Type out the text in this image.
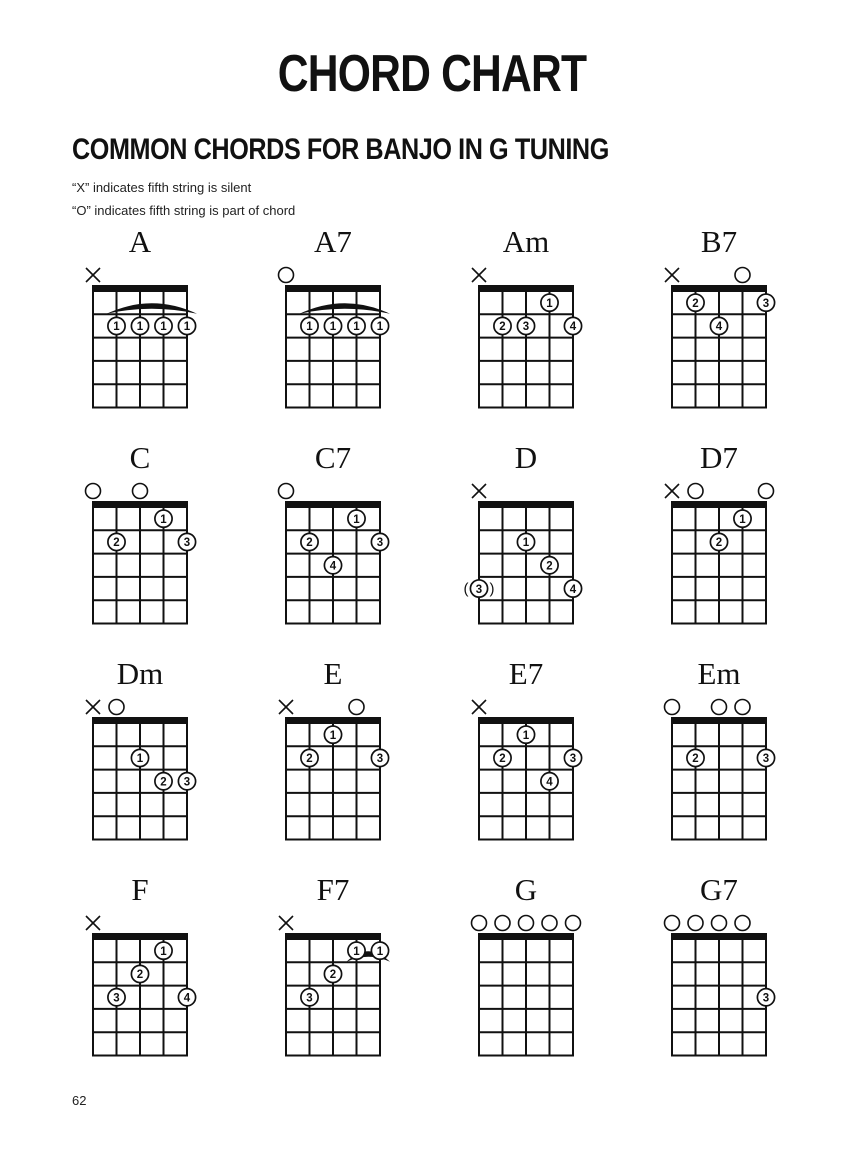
CHORD CHART
COMMON CHORDS FOR BANJO IN G TUNING
“X” indicates fifth string is silent
“O” indicates fifth string is part of chord
A
1 1 1 1
A7
1 1 1 1
Am
1
2 3	4
B7
2	3
4
C
1
2	3
C7
1
2	3
4
D
1
2
( )
3	4
D7
1
2
Dm
1
2 3
E
1
2	3
E7
1
2	3
4
Em
2	3
F
1
2
3	4
F7
1 1
2
3
G	G7
3
62
